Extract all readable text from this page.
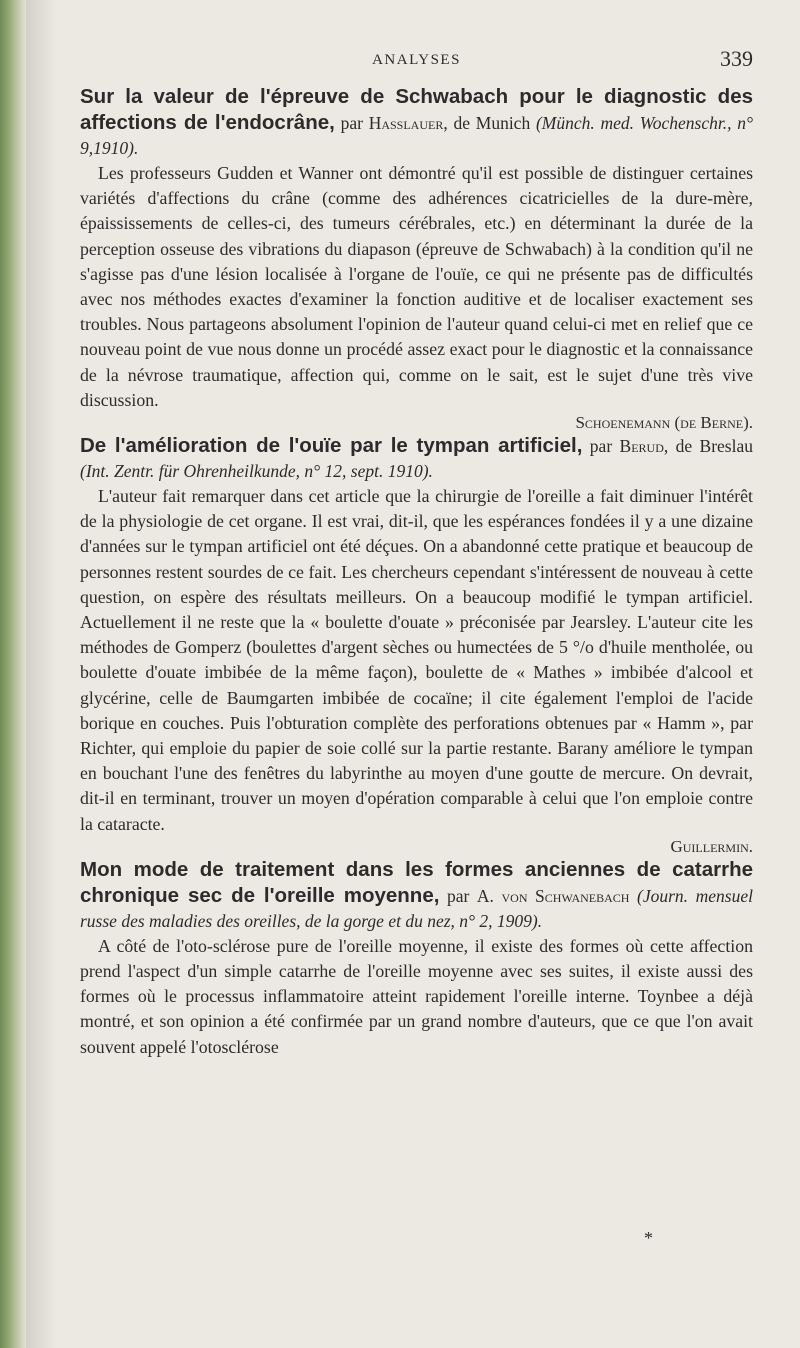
ANALYSES	339
Sur la valeur de l'épreuve de Schwabach pour le diagnostic des affections de l'endocrâne, par Hasslauer, de Munich (Münch. med. Wochenschr., n° 9,1910).

Les professeurs Gudden et Wanner ont démontré qu'il est possible de distinguer certaines variétés d'affections du crâne (comme des adhérences cicatricielles de la dure-mère, épaississements de celles-ci, des tumeurs cérébrales, etc.) en déterminant la durée de la perception osseuse des vibrations du diapason (épreuve de Schwabach) à la condition qu'il ne s'agisse pas d'une lésion localisée à l'organe de l'ouïe, ce qui ne présente pas de difficultés avec nos méthodes exactes d'examiner la fonction auditive et de localiser exactement ses troubles. Nous partageons absolument l'opinion de l'auteur quand celui-ci met en relief que ce nouveau point de vue nous donne un procédé assez exact pour le diagnostic et la connaissance de la névrose traumatique, affection qui, comme on le sait, est le sujet d'une très vive discussion.

Schoenemann (de Berne).
De l'amélioration de l'ouïe par le tympan artificiel, par Berud, de Breslau (Int. Zentr. für Ohrenheilkunde, n° 12, sept. 1910).

L'auteur fait remarquer dans cet article que la chirurgie de l'oreille a fait diminuer l'intérêt de la physiologie de cet organe. Il est vrai, dit-il, que les espérances fondées il y a une dizaine d'années sur le tympan artificiel ont été déçues. On a abandonné cette pratique et beaucoup de personnes restent sourdes de ce fait. Les chercheurs cependant s'intéressent de nouveau à cette question, on espère des résultats meilleurs. On a beaucoup modifié le tympan artificiel. Actuellement il ne reste que la « boulette d'ouate » préconisée par Jearsley. L'auteur cite les méthodes de Gomperz (boulettes d'argent sèches ou humectées de 5 °/o d'huile mentholée, ou boulette d'ouate imbibée de la même façon), boulette de « Mathes » imbibée d'alcool et glycérine, celle de Baumgarten imbibée de cocaïne; il cite également l'emploi de l'acide borique en couches. Puis l'obturation complète des perforations obtenues par « Hamm », par Richter, qui emploie du papier de soie collé sur la partie restante. Barany améliore le tympan en bouchant l'une des fenêtres du labyrinthe au moyen d'une goutte de mercure. On devrait, dit-il en terminant, trouver un moyen d'opération comparable à celui que l'on emploie contre la cataracte.

Guillermin.
Mon mode de traitement dans les formes anciennes de catarrhe chronique sec de l'oreille moyenne, par A. von Schwanebach (Journ. mensuel russe des maladies des oreilles, de la gorge et du nez, n° 2, 1909).

A côté de l'oto-sclérose pure de l'oreille moyenne, il existe des formes où cette affection prend l'aspect d'un simple catarrhe de l'oreille moyenne avec ses suites, il existe aussi des formes où le processus inflammatoire atteint rapidement l'oreille interne. Toynbee a déjà montré, et son opinion a été confirmée par un grand nombre d'auteurs, que ce que l'on avait souvent appelé l'otosclérose

*
